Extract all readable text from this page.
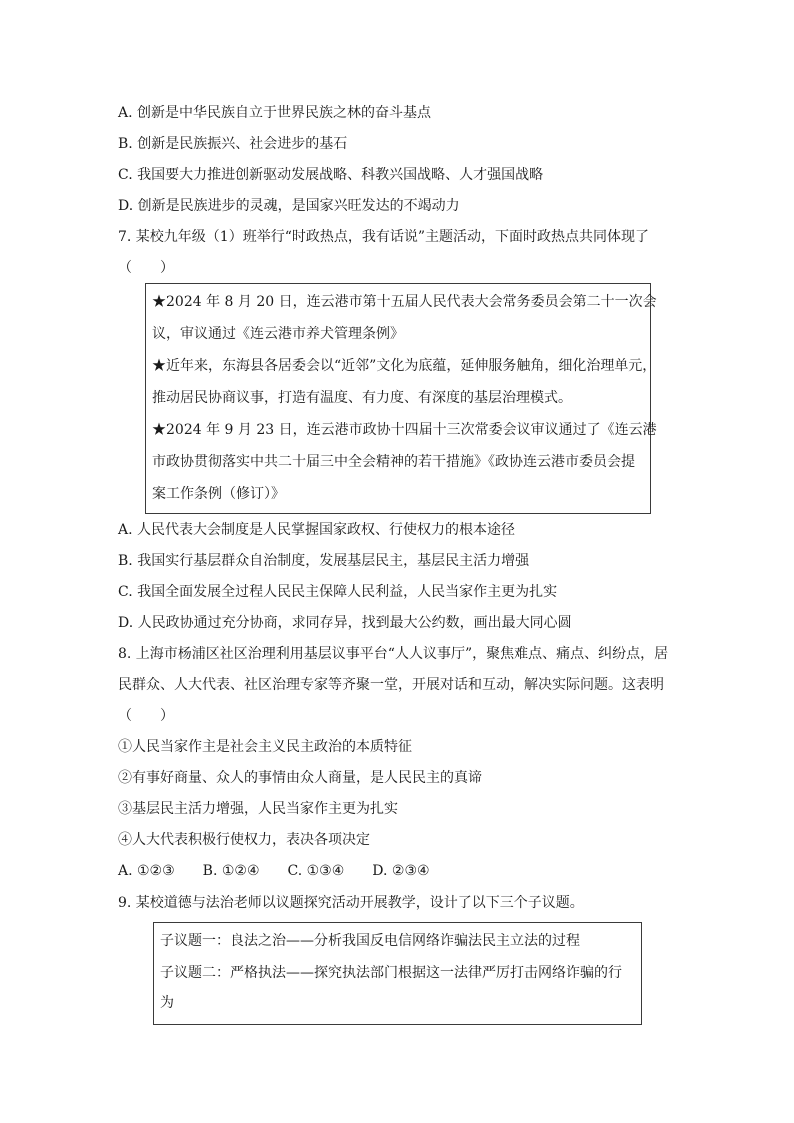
A. 创新是中华民族自立于世界民族之林的奋斗基点
B. 创新是民族振兴、社会进步的基石
C. 我国要大力推进创新驱动发展战略、科教兴国战略、人才强国战略
D. 创新是民族进步的灵魂，是国家兴旺发达的不竭动力
7. 某校九年级（1）班举行“时政热点，我有话说”主题活动，下面时政热点共同体现了
（　　）
★2024 年 8 月 20 日，连云港市第十五届人民代表大会常务委员会第二十一次会
议，审议通过《连云港市养犬管理条例》
★近年来，东海县各居委会以“近邻”文化为底蕴，延伸服务触角，细化治理单元，
推动居民协商议事，打造有温度、有力度、有深度的基层治理模式。
★2024 年 9 月 23 日，连云港市政协十四届十三次常委会议审议通过了《连云港
市政协贯彻落实中共二十届三中全会精神的若干措施》《政协连云港市委员会提
案工作条例（修订）》
A. 人民代表大会制度是人民掌握国家政权、行使权力的根本途径
B. 我国实行基层群众自治制度，发展基层民主，基层民主活力增强
C. 我国全面发展全过程人民民主保障人民利益，人民当家作主更为扎实
D. 人民政协通过充分协商，求同存异，找到最大公约数，画出最大同心圆
8. 上海市杨浦区社区治理利用基层议事平台“人人议事厅”，聚焦难点、痛点、纠纷点，居
民群众、人大代表、社区治理专家等齐聚一堂，开展对话和互动，解决实际问题。这表明
（　　）
①人民当家作主是社会主义民主政治的本质特征
②有事好商量、众人的事情由众人商量，是人民民主的真谛
③基层民主活力增强，人民当家作主更为扎实
④人大代表积极行使权力，表决各项决定
A. ①②③ B. ①②④ C. ①③④ D. ②③④
9. 某校道德与法治老师以议题探究活动开展教学，设计了以下三个子议题。
子议题一：良法之治——分析我国反电信网络诈骗法民主立法的过程
子议题二：严格执法——探究执法部门根据这一法律严厉打击网络诈骗的行
为
